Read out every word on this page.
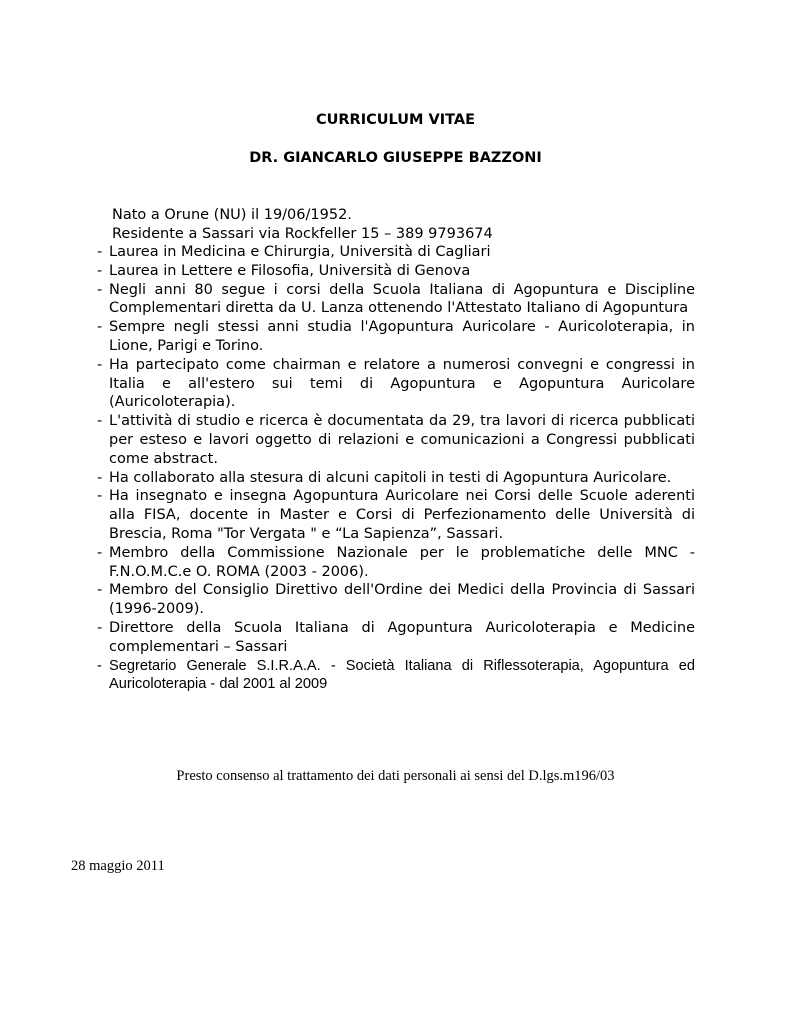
CURRICULUM VITAE
DR. GIANCARLO GIUSEPPE BAZZONI
Nato a Orune (NU) il 19/06/1952.
Residente a Sassari via Rockfeller 15 – 389 9793674
- Laurea in Medicina e Chirurgia, Università di Cagliari
- Laurea in Lettere e Filosofia, Università di Genova
- Negli anni 80 segue i corsi della Scuola Italiana di Agopuntura e Discipline Complementari diretta da U. Lanza ottenendo l'Attestato Italiano di Agopuntura
- Sempre negli stessi anni studia l'Agopuntura Auricolare - Auricoloterapia, in Lione, Parigi e Torino.
- Ha partecipato come chairman e relatore a numerosi convegni e congressi in Italia e all'estero sui temi di Agopuntura e Agopuntura Auricolare (Auricoloterapia).
- L'attività di studio e ricerca è documentata da 29, tra lavori di ricerca pubblicati per esteso e lavori oggetto di relazioni e comunicazioni a Congressi pubblicati come abstract.
- Ha collaborato alla stesura di alcuni capitoli in testi di Agopuntura Auricolare.
- Ha insegnato e insegna Agopuntura Auricolare nei Corsi delle Scuole aderenti alla FISA, docente in Master e Corsi di Perfezionamento delle Università di Brescia, Roma "Tor Vergata " e “La Sapienza”, Sassari.
- Membro della Commissione Nazionale per le problematiche delle MNC - F.N.O.M.C.e O. ROMA (2003 - 2006).
- Membro del Consiglio Direttivo dell'Ordine dei Medici della Provincia di Sassari (1996-2009).
- Direttore della Scuola Italiana di Agopuntura Auricoloterapia e Medicine complementari – Sassari
- Segretario Generale S.I.R.A.A. - Società Italiana di Riflessoterapia, Agopuntura ed Auricoloterapia - dal 2001 al 2009
Presto consenso al trattamento dei dati personali ai sensi del D.lgs.m196/03
28 maggio 2011
